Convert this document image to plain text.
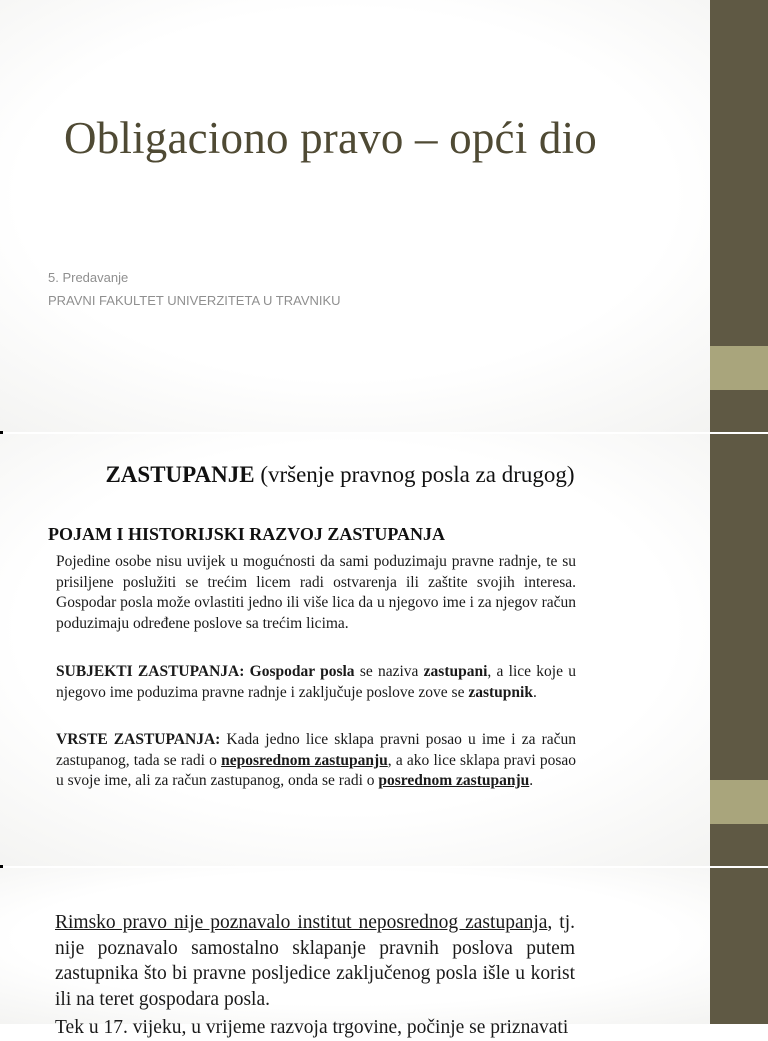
Obligaciono pravo – opći dio
5. Predavanje
PRAVNI FAKULTET UNIVERZITETA U TRAVNIKU
ZASTUPANJE (vršenje pravnog posla za drugog)
POJAM I HISTORIJSKI RAZVOJ ZASTUPANJA

Pojedine osobe nisu uvijek u mogućnosti da sami poduzimaju pravne radnje, te su prisiljene poslužiti se trećim licem radi ostvarenja ili zaštite svojih interesa. Gospodar posla može ovlastiti jedno ili više lica da u njegovo ime i za njegov račun poduzimaju određene poslove sa trećim licima.

SUBJEKTI ZASTUPANJA: Gospodar posla se naziva zastupani, a lice koje u njegovo ime poduzima pravne radnje i zaključuje poslove zove se zastupnik.

VRSTE ZASTUPANJA: Kada jedno lice sklapa pravni posao u ime i za račun zastupanog, tada se radi o neposrednom zastupanju, a ako lice sklapa pravi posao u svoje ime, ali za račun zastupanog, onda se radi o posrednom zastupanju.

Rimsko pravo nije poznavalo institut neposrednog zastupanja, tj. nije poznavalo samostalno sklapanje pravnih poslova putem zastupnika što bi pravne posljedice zaključenog posla išle u korist ili na teret gospodara posla.

Tek u 17. vijeku, u vrijeme razvoja trgovine, počinje se priznavati
